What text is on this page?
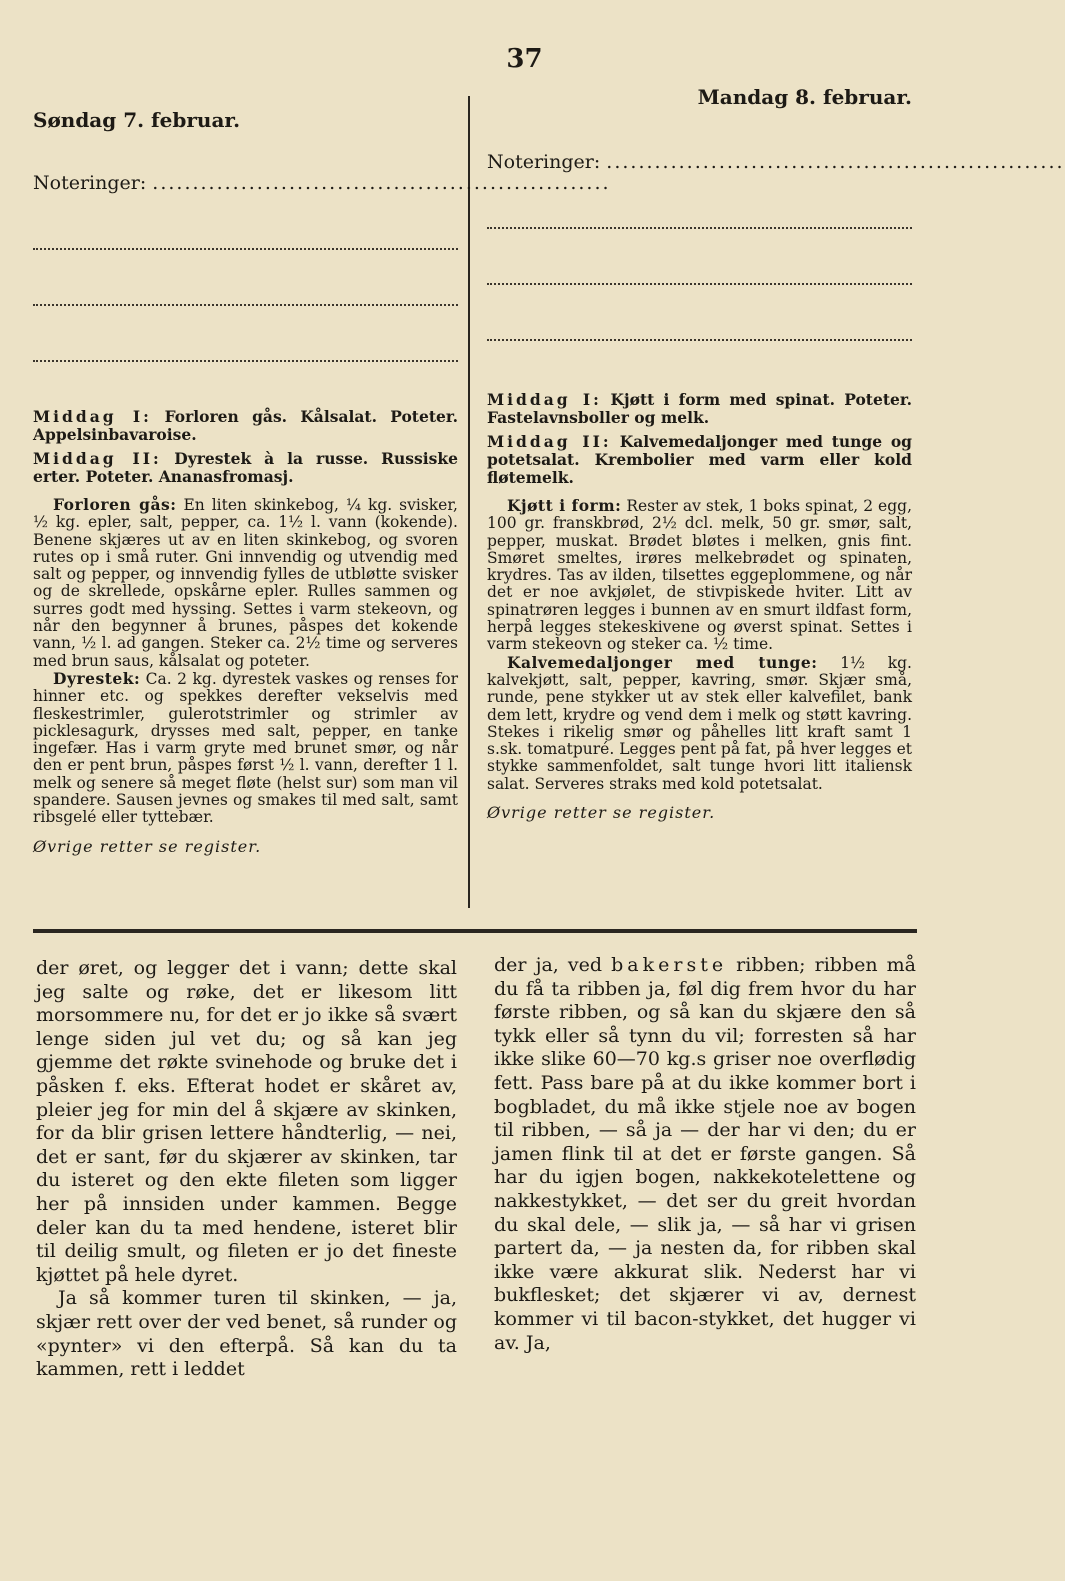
37
Søndag 7. februar.
Noteringer: .........................................................

Middag I: Forloren gås. Kålsalat. Poteter. Appelsinbavaroise.

Middag II: Dyrestek à la russe. Russiske erter. Poteter. Ananasfromasj.

Forloren gås: En liten skinkebog, ¼ kg. svisker, ½ kg. epler, salt, pepper, ca. 1½ l. vann (kokende). Benene skjæres ut av en liten skinkebog, og svoren rutes op i små ruter. Gni innvendig og utvendig med salt og pepper, og innvendig fylles de utbløtte svisker og de skrellede, opskårne epler. Rulles sammen og surres godt med hyssing. Settes i varm stekeovn, og når den begynner å brunes, påspes det kokende vann, ½ l. ad gangen. Steker ca. 2½ time og serveres med brun saus, kålsalat og poteter.

Dyrestek: Ca. 2 kg. dyrestek vaskes og renses for hinner etc. og spekkes derefter vekselvis med fleskestrimler, gulerotstrimler og strimler av picklesagurk, drysses med salt, pepper, en tanke ingefær. Has i varm gryte med brunet smør, og når den er pent brun, påspes først ½ l. vann, derefter 1 l. melk og senere så meget fløte (helst sur) som man vil spandere. Sausen jevnes og smakes til med salt, samt ribsgelé eller tyttebær.

Øvrige retter se register.
Mandag 8. februar.
Noteringer: .........................................................

Middag I: Kjøtt i form med spinat. Poteter. Fastelavnsboller og melk.

Middag II: Kalvemedaljonger med tunge og potetsalat. Krembolier med varm eller kold fløtemelk.

Kjøtt i form: Rester av stek, 1 boks spinat, 2 egg, 100 gr. franskbrød, 2½ dcl. melk, 50 gr. smør, salt, pepper, muskat. Brødet bløtes i melken, gnis fint. Smøret smeltes, irøres melkebrødet og spinaten, krydres. Tas av ilden, tilsettes eggeplommene, og når det er noe avkjølet, de stivpiskede hviter. Litt av spinatrøren legges i bunnen av en smurt ildfast form, herpå legges stekeskivene og øverst spinat. Settes i varm stekeovn og steker ca. ½ time.

Kalvemedaljonger med tunge: 1½ kg. kalvekjøtt, salt, pepper, kavring, smør. Skjær små, runde, pene stykker ut av stek eller kalvefilet, bank dem lett, krydre og vend dem i melk og støtt kavring. Stekes i rikelig smør og påhelles litt kraft samt 1 s.sk. tomatpuré. Legges pent på fat, på hver legges et stykke sammenfoldet, salt tunge hvori litt italiensk salat. Serveres straks med kold potetsalat.

Øvrige retter se register.

der øret, og legger det i vann; dette skal jeg salte og røke, det er likesom litt morsommere nu, for det er jo ikke så svært lenge siden jul vet du; og så kan jeg gjemme det røkte svinehode og bruke det i påsken f. eks. Efterat hodet er skåret av, pleier jeg for min del å skjære av skinken, for da blir grisen lettere håndterlig, — nei, det er sant, før du skjærer av skinken, tar du isteret og den ekte fileten som ligger her på innsiden under kammen. Begge deler kan du ta med hendene, isteret blir til deilig smult, og fileten er jo det fineste kjøttet på hele dyret.
Ja så kommer turen til skinken, — ja, skjær rett over der ved benet, så runder og «pynter» vi den efterpå. Så kan du ta kammen, rett i leddet

der ja, ved bakerste ribben; ribben må du få ta ribben ja, føl dig frem hvor du har første ribben, og så kan du skjære den så tykk eller så tynn du vil; forresten så har ikke slike 60—70 kg.s griser noe overflødig fett. Pass bare på at du ikke kommer bort i bogbladet, du må ikke stjele noe av bogen til ribben, — så ja — der har vi den; du er jamen flink til at det er første gangen. Så har du igjen bogen, nakkekotelettene og nakkestykket, — det ser du greit hvordan du skal dele, — slik ja, — så har vi grisen partert da, — ja nesten da, for ribben skal ikke være akkurat slik. Nederst har vi bukflesket; det skjærer vi av, dernest kommer vi til bacon-stykket, det hugger vi av. Ja,
